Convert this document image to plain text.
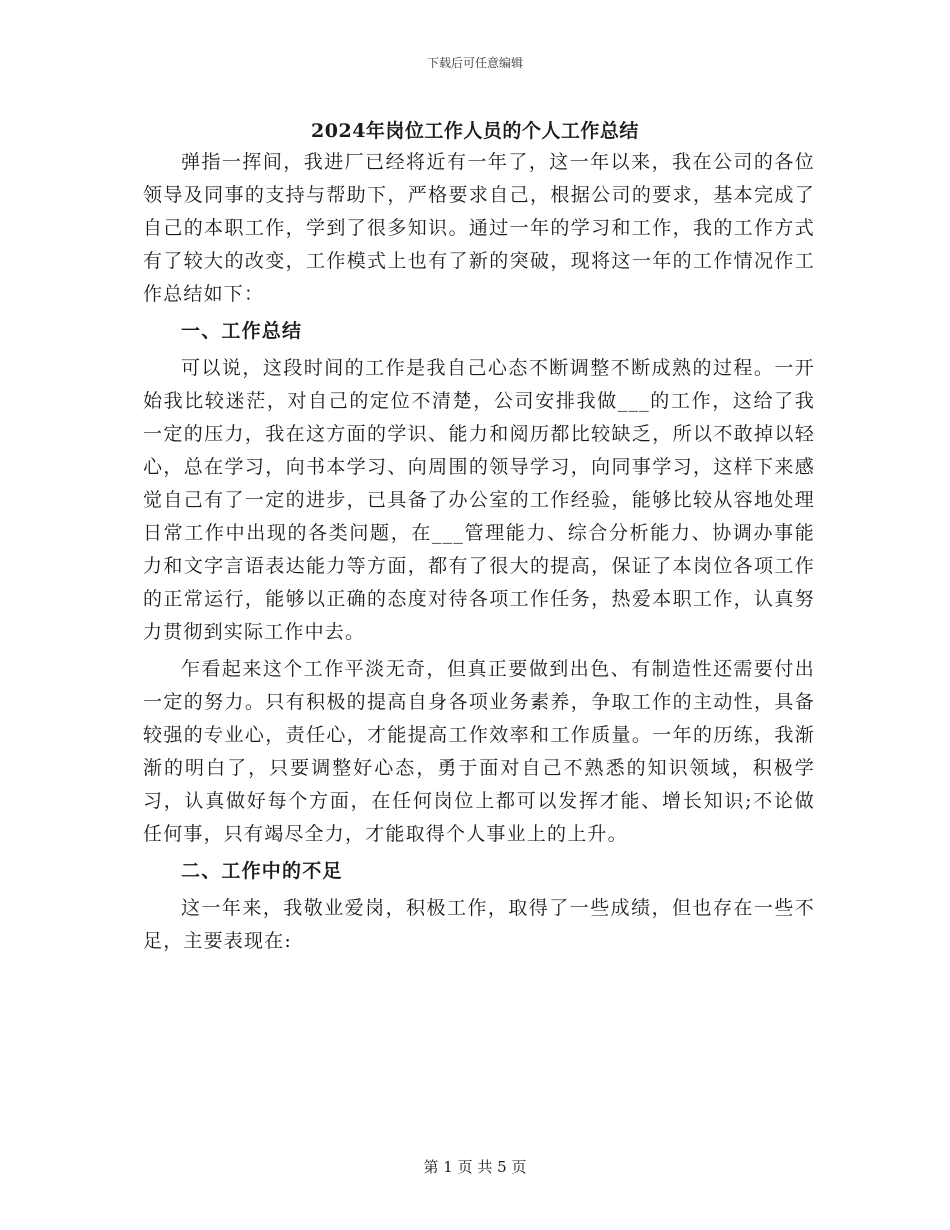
下载后可任意编辑
2024年岗位工作人员的个人工作总结

弹指一挥间，我进厂已经将近有一年了，这一年以来，我在公司的各位领导及同事的支持与帮助下，严格要求自己，根据公司的要求，基本完成了自己的本职工作，学到了很多知识。通过一年的学习和工作，我的工作方式有了较大的改变，工作模式上也有了新的突破，现将这一年的工作情况作工作总结如下：

一、工作总结

可以说，这段时间的工作是我自己心态不断调整不断成熟的过程。一开始我比较迷茫，对自己的定位不清楚，公司安排我做___的工作，这给了我一定的压力，我在这方面的学识、能力和阅历都比较缺乏，所以不敢掉以轻心，总在学习，向书本学习、向周围的领导学习，向同事学习，这样下来感觉自己有了一定的进步，已具备了办公室的工作经验，能够比较从容地处理日常工作中出现的各类问题，在___管理能力、综合分析能力、协调办事能力和文字言语表达能力等方面，都有了很大的提高，保证了本岗位各项工作的正常运行，能够以正确的态度对待各项工作任务，热爱本职工作，认真努力贯彻到实际工作中去。

乍看起来这个工作平淡无奇，但真正要做到出色、有制造性还需要付出一定的努力。只有积极的提高自身各项业务素养，争取工作的主动性，具备较强的专业心，责任心，才能提高工作效率和工作质量。一年的历练，我渐渐的明白了，只要调整好心态，勇于面对自己不熟悉的知识领域，积极学习，认真做好每个方面，在任何岗位上都可以发挥才能、增长知识;不论做任何事，只有竭尽全力，才能取得个人事业上的上升。

二、工作中的不足

这一年来，我敬业爱岗，积极工作，取得了一些成绩，但也存在一些不足，主要表现在:

第 1 页 共 5 页
